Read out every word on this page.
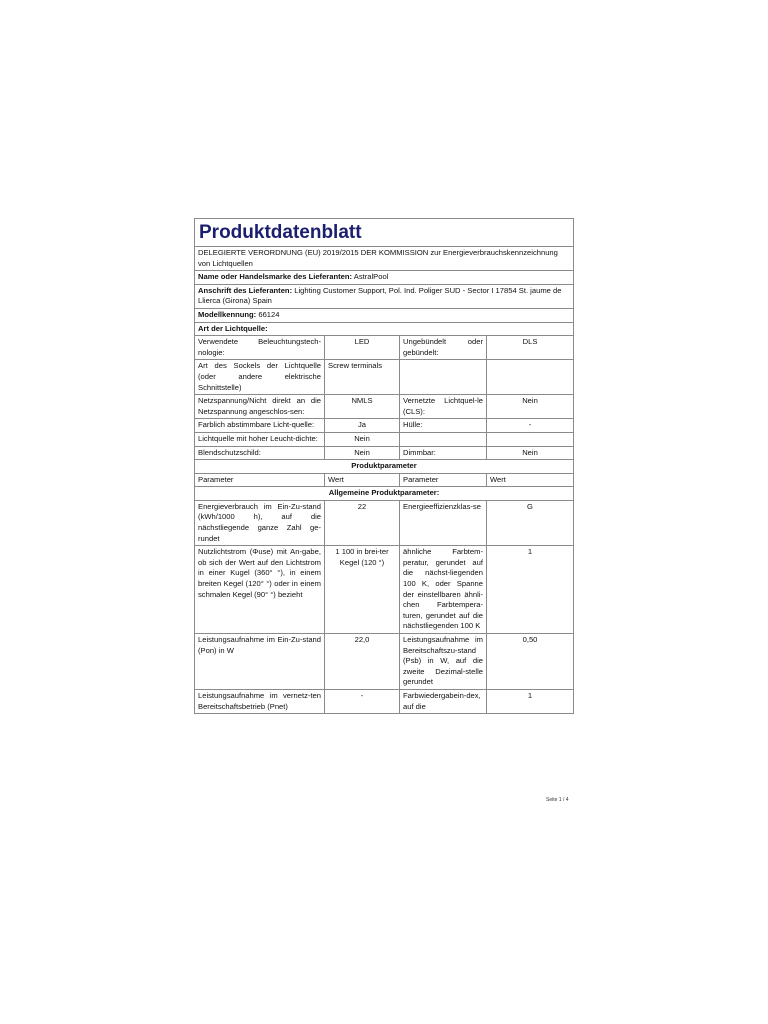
Produktdatenblatt			
DELEGIERTE VERORDNUNG (EU) 2019/2015 DER KOMMISSION zur Energieverbrauchskennzeichnung von Lichtquellen			
Name oder Handelsmarke des Lieferanten: AstralPool			
Anschrift des Lieferanten: Lighting Customer Support, Pol. Ind. Poliger SUD - Sector I 17854 St. jaume de Llierca (Girona) Spain			
Modellkennung: 66124			
Art der Lichtquelle:			
Verwendete Beleuchtungstech-nologie:	LED	Ungebündelt oder gebündelt:	DLS
Art des Sockels der Lichtquelle (oder andere elektrische Schnittstelle)	Screw terminals		
Netzspannung/Nicht direkt an die Netzspannung angeschlos-sen:	NMLS	Vernetzte Lichtquel-le (CLS):	Nein
Farblich abstimmbare Licht-quelle:	Ja	Hülle:	-
Lichtquelle mit hoher Leucht-dichte:	Nein		
Blendschutzschild:	Nein	Dimmbar:	Nein
Produktparameter			
Parameter	Wert	Parameter	Wert
Allgemeine Produktparameter:			
Energieverbrauch im Ein-Zu-stand (kWh/1000 h), auf die nächstliegende ganze Zahl ge-rundet	22	Energieeffizienzklas-se	G
Nutzlichtstrom (Φuse) mit An-gabe, ob sich der Wert auf den Lichtstrom in einer Kugel (360° °), in einem breiten Kegel (120° °) oder in einem schmalen Kegel (90° °) bezieht	1 100 in brei-ter Kegel (120 °)	ähnliche Farbtem-peratur, gerundet auf die nächst-liegenden 100 K, oder Spanne der einstellbaren ähnli-chen Farbtempera-turen, gerundet auf die nächstliegenden 100 K	1
Leistungsaufnahme im Ein-Zu-stand (Pon) in W	22,0	Leistungsaufnahme im Bereitschaftszu-stand (Psb) in W, auf die zweite Dezimal-stelle gerundet	0,50
Leistungsaufnahme im vernetz-ten Bereitschaftsbetrieb (Pnet)	-	Farbwiedergabein-dex, auf die	1
Seite 1 / 4
